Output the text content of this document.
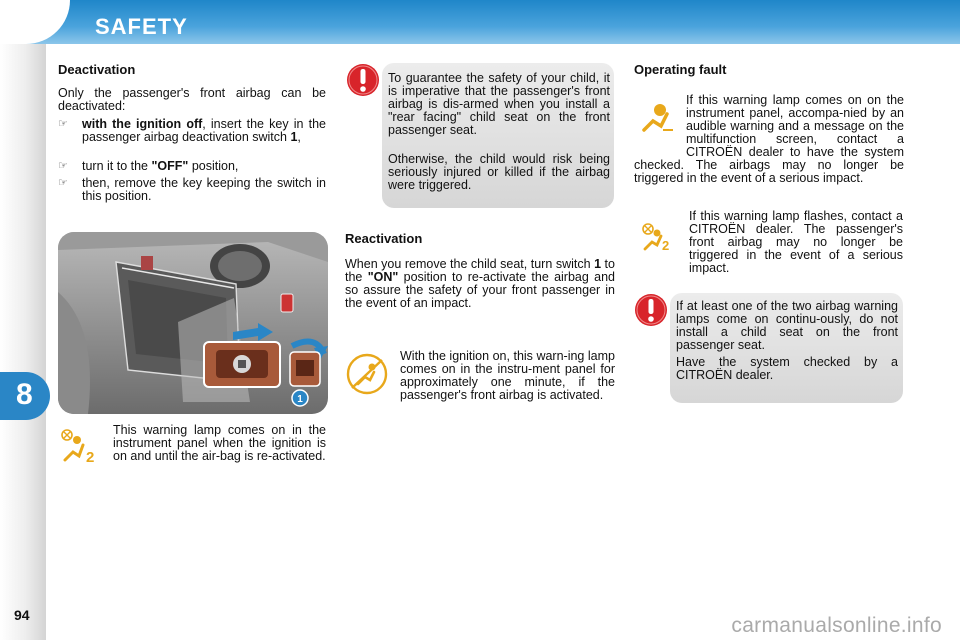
SAFETY
8
94
Deactivation
Only the passenger's front airbag can be deactivated:
☞ with the ignition off, insert the key in the passenger airbag deactivation switch 1,
☞ turn it to the "OFF" position,
☞ then, remove the key keeping the switch in this position.
1
2
This warning lamp comes on in the instrument panel when the ignition is on and until the air-bag is re-activated.
To guarantee the safety of your child, it is imperative that the passenger's front airbag is dis-armed when you install a "rear facing" child seat on the front passenger seat.
Otherwise, the child would risk being seriously injured or killed if the airbag were triggered.
Reactivation
When you remove the child seat, turn switch 1 to the "ON" position to re-activate the airbag and so assure the safety of your front passenger in the event of an impact.
With the ignition on, this warn-ing lamp comes on in the instru-ment panel for approximately one minute, if the passenger's front airbag is activated.
Operating fault
If this warning lamp comes on on the instrument panel, accompa-nied by an audible warning and a message on the multifunction screen, contact a CITROËN dealer to have the system checked. The airbags may no longer be triggered in the event of a serious impact.
2
If this warning lamp flashes, contact a CITROËN dealer. The passenger's front airbag may no longer be triggered in the event of a serious impact.
If at least one of the two airbag warning lamps come on continu-ously, do not install a child seat on the front passenger seat.
Have the system checked by a CITROËN dealer.
carmanualsonline.info
